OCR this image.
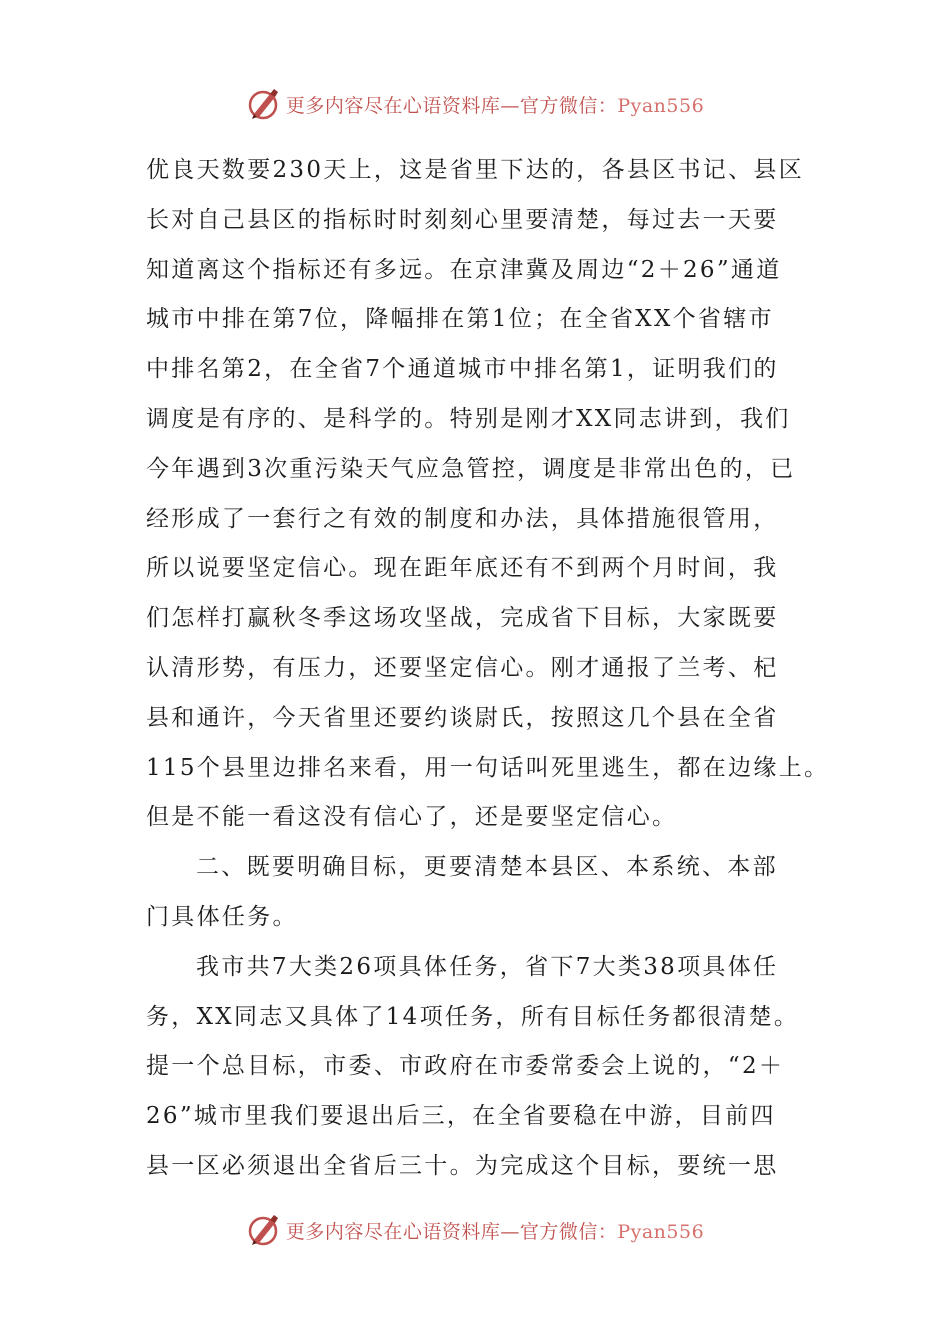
更多内容尽在心语资料库—官方微信：Pyan556
优良天数要230天上，这是省里下达的，各县区书记、县区
长对自己县区的指标时时刻刻心里要清楚，每过去一天要
知道离这个指标还有多远。在京津冀及周边“2＋26”通道
城市中排在第7位，降幅排在第1位；在全省XX个省辖市
中排名第2，在全省7个通道城市中排名第1，证明我们的
调度是有序的、是科学的。特别是刚才XX同志讲到，我们
今年遇到3次重污染天气应急管控，调度是非常出色的，已
经形成了一套行之有效的制度和办法，具体措施很管用，
所以说要坚定信心。现在距年底还有不到两个月时间，我
们怎样打赢秋冬季这场攻坚战，完成省下目标，大家既要
认清形势，有压力，还要坚定信心。刚才通报了兰考、杞
县和通许，今天省里还要约谈尉氏，按照这几个县在全省
115个县里边排名来看，用一句话叫死里逃生，都在边缘上。
但是不能一看这没有信心了，还是要坚定信心。
二、既要明确目标，更要清楚本县区、本系统、本部
门具体任务。
我市共7大类26项具体任务，省下7大类38项具体任
务，XX同志又具体了14项任务，所有目标任务都很清楚。
提一个总目标，市委、市政府在市委常委会上说的，“2＋
26”城市里我们要退出后三，在全省要稳在中游，目前四
县一区必须退出全省后三十。为完成这个目标，要统一思
更多内容尽在心语资料库—官方微信：Pyan556
